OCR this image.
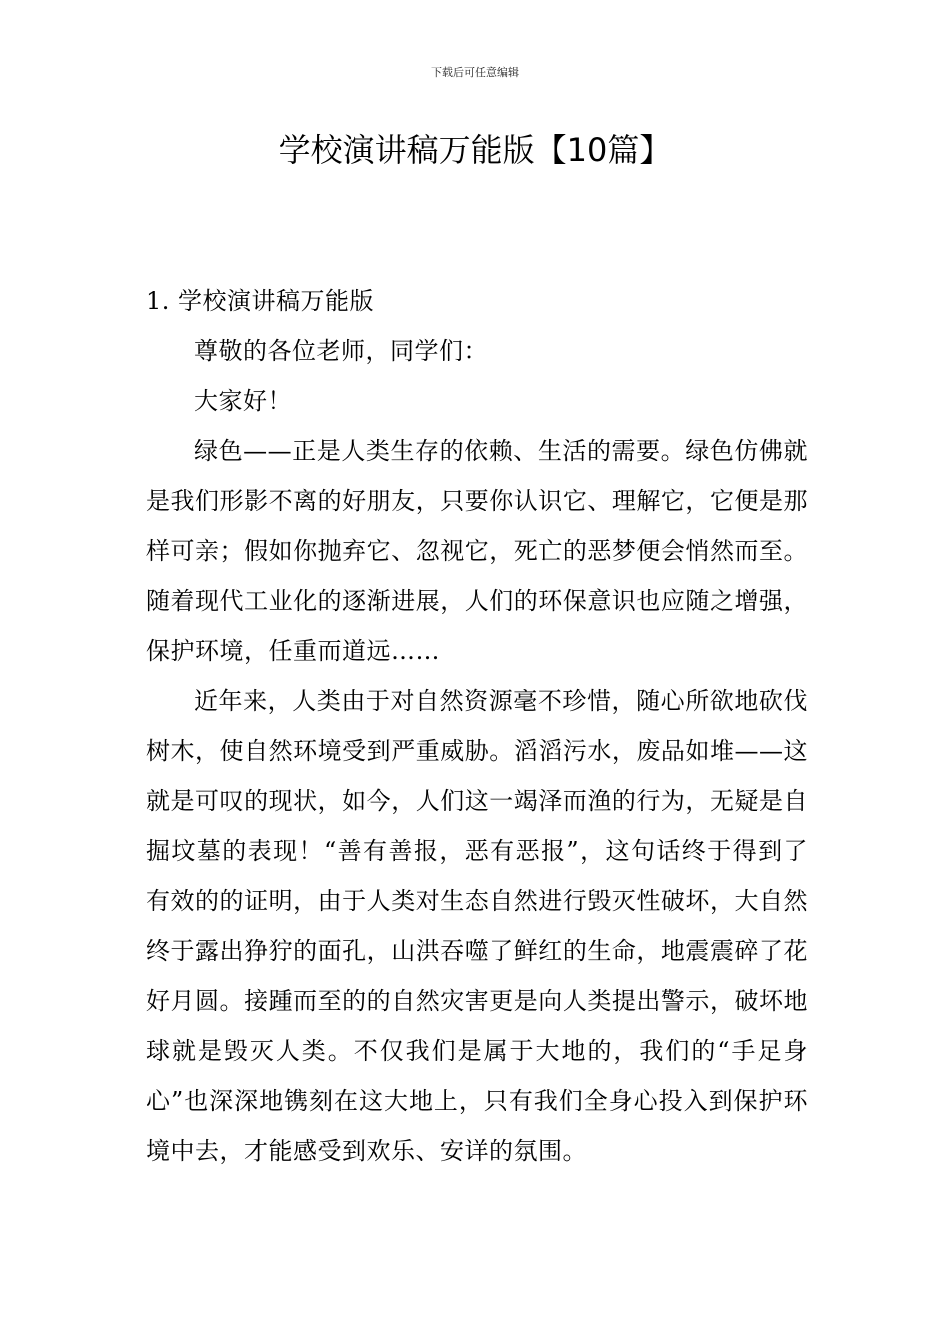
下载后可任意编辑
学校演讲稿万能版【10篇】
1. 学校演讲稿万能版

尊敬的各位老师，同学们：

大家好！

绿色——正是人类生存的依赖、生活的需要。绿色仿佛就是我们形影不离的好朋友，只要你认识它、理解它，它便是那样可亲；假如你抛弃它、忽视它，死亡的恶梦便会悄然而至。随着现代工业化的逐渐进展，人们的环保意识也应随之增强，保护环境，任重而道远……

近年来，人类由于对自然资源毫不珍惜，随心所欲地砍伐树木，使自然环境受到严重威胁。滔滔污水，废品如堆——这就是可叹的现状，如今，人们这一竭泽而渔的行为，无疑是自掘坟墓的表现！“善有善报，恶有恶报”，这句话终于得到了有效的的证明，由于人类对生态自然进行毁灭性破坏，大自然终于露出狰狞的面孔，山洪吞噬了鲜红的生命，地震震碎了花好月圆。接踵而至的的自然灾害更是向人类提出警示，破坏地球就是毁灭人类。不仅我们是属于大地的，我们的“手足身心”也深深地镌刻在这大地上，只有我们全身心投入到保护环境中去，才能感受到欢乐、安详的氛围。
